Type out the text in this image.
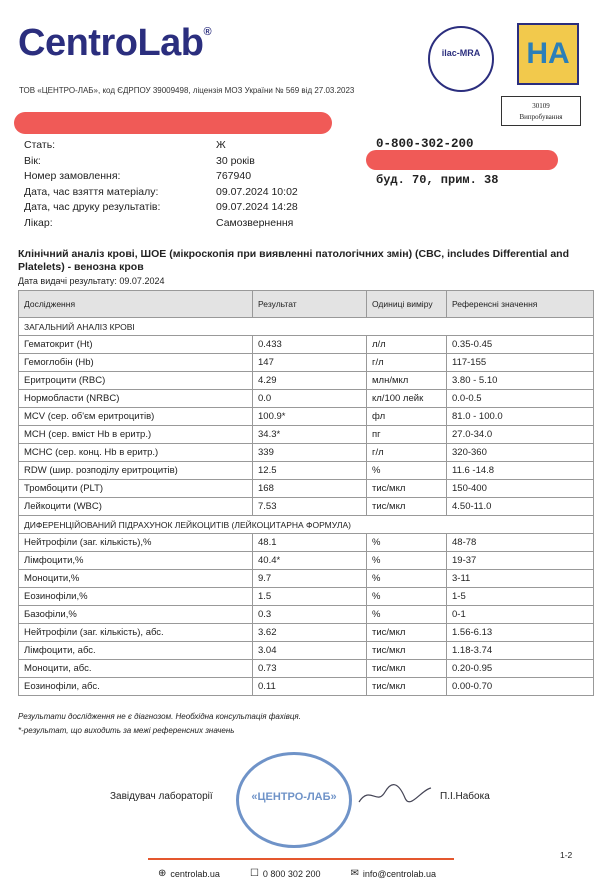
CentroLab®
ТОВ «ЦЕНТРО-ЛАБ», код ЄДРПОУ 39009498, ліцензія МОЗ України № 569 від 27.03.2023
ilac-MRA	НА
30109
Випробування
Стать:	Ж
Вік:	30 років
Номер замовлення:	767940
Дата, час взяття матеріалу:	09.07.2024 10:02
Дата, час друку результатів:	09.07.2024 14:28
Лікар:	Самозвернення
0-800-302-200
буд. 70, прим. 38
Клінічний аналіз крові, ШОЕ (мікроскопія при виявленні патологічних змін) (CBC, includes Differential and Platelets) - венозна кров
Дата видачі результату: 09.07.2024
Дослідження	Результат	Одиниці виміру	Референсні значення
ЗАГАЛЬНИЙ АНАЛІЗ КРОВІ			
Гематокрит (Ht)	0.433	л/л	0.35-0.45
Гемоглобін (Hb)	147	г/л	117-155
Еритроцити (RBC)	4.29	млн/мкл	3.80 - 5.10
Нормобласти (NRBC)	0.0	кл/100 лейк	0.0-0.5
MCV (сер. об'єм еритроцитів)	100.9*	фл	81.0 - 100.0
MCH (сер. вміст Hb в еритр.)	34.3*	пг	27.0-34.0
MCHC (сер. конц. Hb в еритр.)	339	г/л	320-360
RDW (шир. розподілу еритроцитів)	12.5	%	11.6 -14.8
Тромбоцити (PLT)	168	тис/мкл	150-400
Лейкоцити (WBC)	7.53	тис/мкл	4.50-11.0
ДИФЕРЕНЦІЙОВАНИЙ ПІДРАХУНОК ЛЕЙКОЦИТІВ (ЛЕЙКОЦИТАРНА ФОРМУЛА)			
Нейтрофіли (заг. кількість),%	48.1	%	48-78
Лімфоцити,%	40.4*	%	19-37
Моноцити,%	9.7	%	3-11
Еозинофіли,%	1.5	%	1-5
Базофіли,%	0.3	%	0-1
Нейтрофіли (заг. кількість), абс.	3.62	тис/мкл	1.56-6.13
Лімфоцити, абс.	3.04	тис/мкл	1.18-3.74
Моноцити, абс.	0.73	тис/мкл	0.20-0.95
Еозинофіли, абс.	0.11	тис/мкл	0.00-0.70
Результати дослідження не є діагнозом. Необхідна консультація фахівця.
*-результат, що виходить за межі референсних значень
Завідувач лабораторії	«ЦЕНТРО-ЛАБ»	П.І.Набока
1-2
⊕ centrolab.ua	☐ 0 800 302 200	✉ info@centrolab.ua
